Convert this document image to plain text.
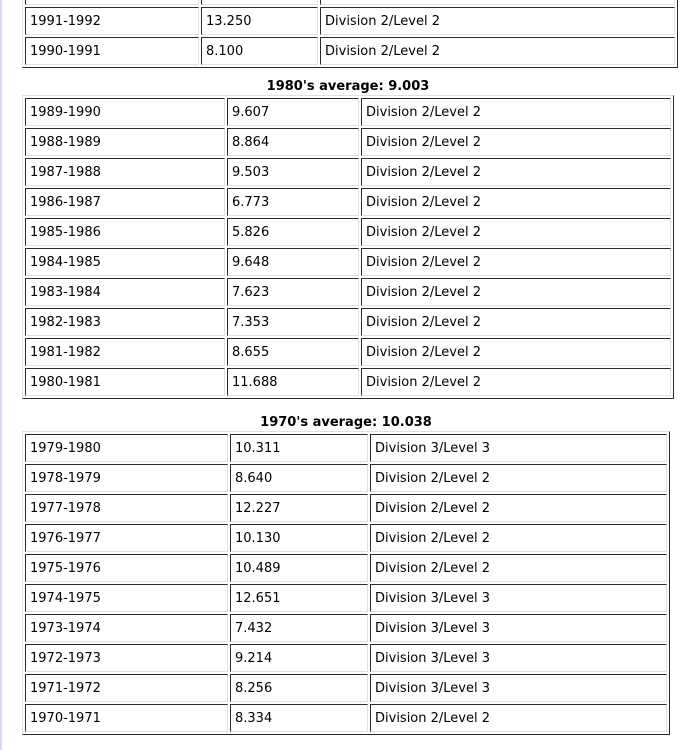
1991-1992	13.250	Division 2/Level 2
1990-1991	8.100	Division 2/Level 2
1980's average: 9.003
1989-1990	9.607	Division 2/Level 2
1988-1989	8.864	Division 2/Level 2
1987-1988	9.503	Division 2/Level 2
1986-1987	6.773	Division 2/Level 2
1985-1986	5.826	Division 2/Level 2
1984-1985	9.648	Division 2/Level 2
1983-1984	7.623	Division 2/Level 2
1982-1983	7.353	Division 2/Level 2
1981-1982	8.655	Division 2/Level 2
1980-1981	11.688	Division 2/Level 2
1970's average: 10.038
1979-1980	10.311	Division 3/Level 3
1978-1979	8.640	Division 2/Level 2
1977-1978	12.227	Division 2/Level 2
1976-1977	10.130	Division 2/Level 2
1975-1976	10.489	Division 2/Level 2
1974-1975	12.651	Division 3/Level 3
1973-1974	7.432	Division 3/Level 3
1972-1973	9.214	Division 3/Level 3
1971-1972	8.256	Division 3/Level 3
1970-1971	8.334	Division 2/Level 2
